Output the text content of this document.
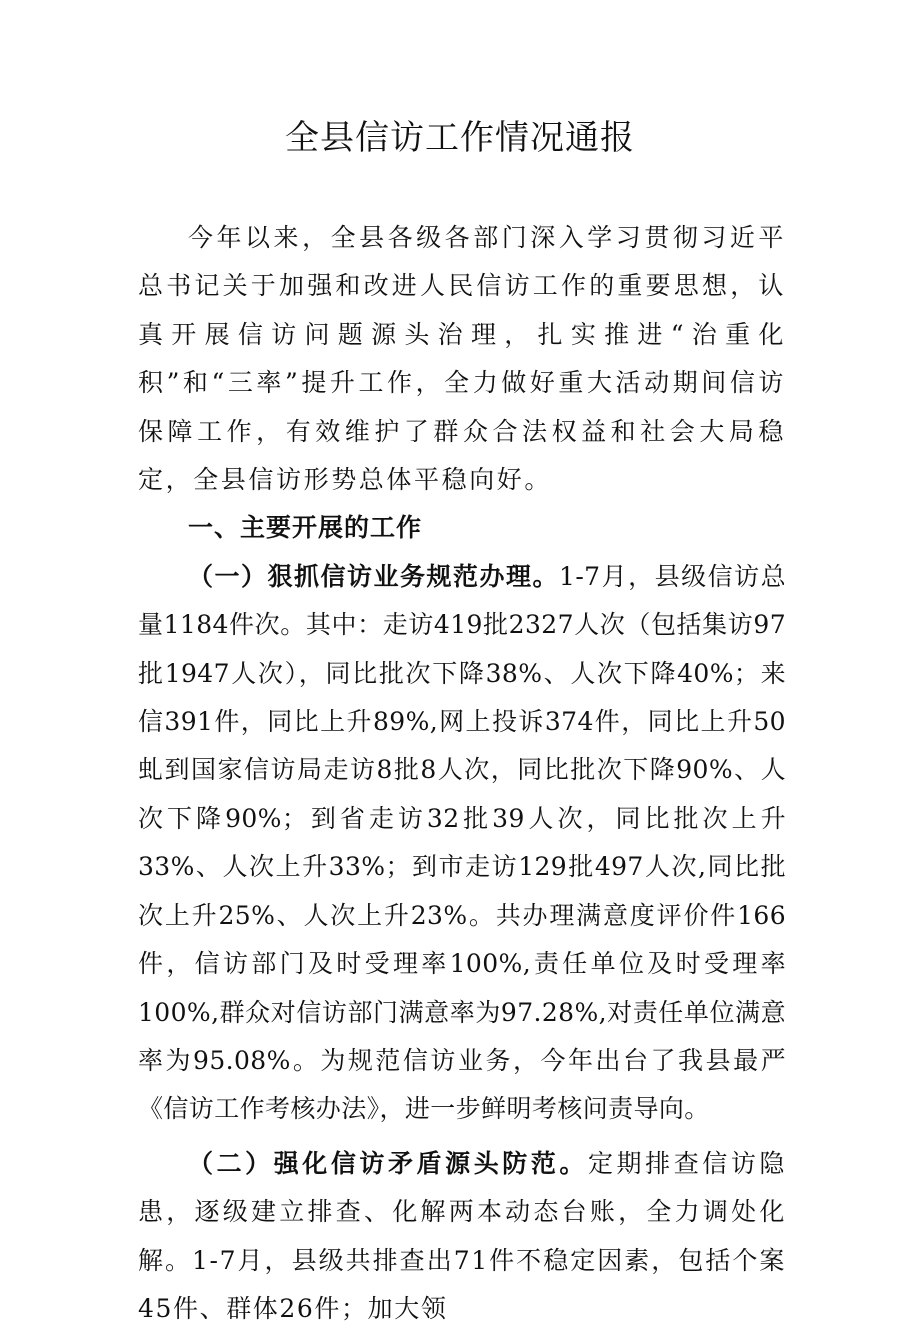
全县信访工作情况通报

今年以来，全县各级各部门深入学习贯彻习近平总书记关于加强和改进人民信访工作的重要思想，认真开展信访问题源头治理，扎实推进“治重化积”和“三率”提升工作，全力做好重大活动期间信访保障工作，有效维护了群众合法权益和社会大局稳定，全县信访形势总体平稳向好。

一、主要开展的工作

（一）狠抓信访业务规范办理。1-7月，县级信访总量1184件次。其中：走访419批2327人次（包括集访97批1947人次），同比批次下降38%、人次下降40%；来信391件，同比上升89%,网上投诉374件，同比上升50虬到国家信访局走访8批8人次，同比批次下降90%、人次下降90%；到省走访32批39人次，同比批次上升33%、人次上升33%；到市走访129批497人次,同比批次上升25%、人次上升23%。共办理满意度评价件166件，信访部门及时受理率100%,责任单位及时受理率100%,群众对信访部门满意率为97.28%,对责任单位满意率为95.08%。为规范信访业务，今年出台了我县最严《信访工作考核办法》，进一步鲜明考核问责导向。

（二）强化信访矛盾源头防范。定期排查信访隐患，逐级建立排查、化解两本动态台账，全力调处化解。1-7月，县级共排查出71件不稳定因素，包括个案45件、群体26件；加大领
